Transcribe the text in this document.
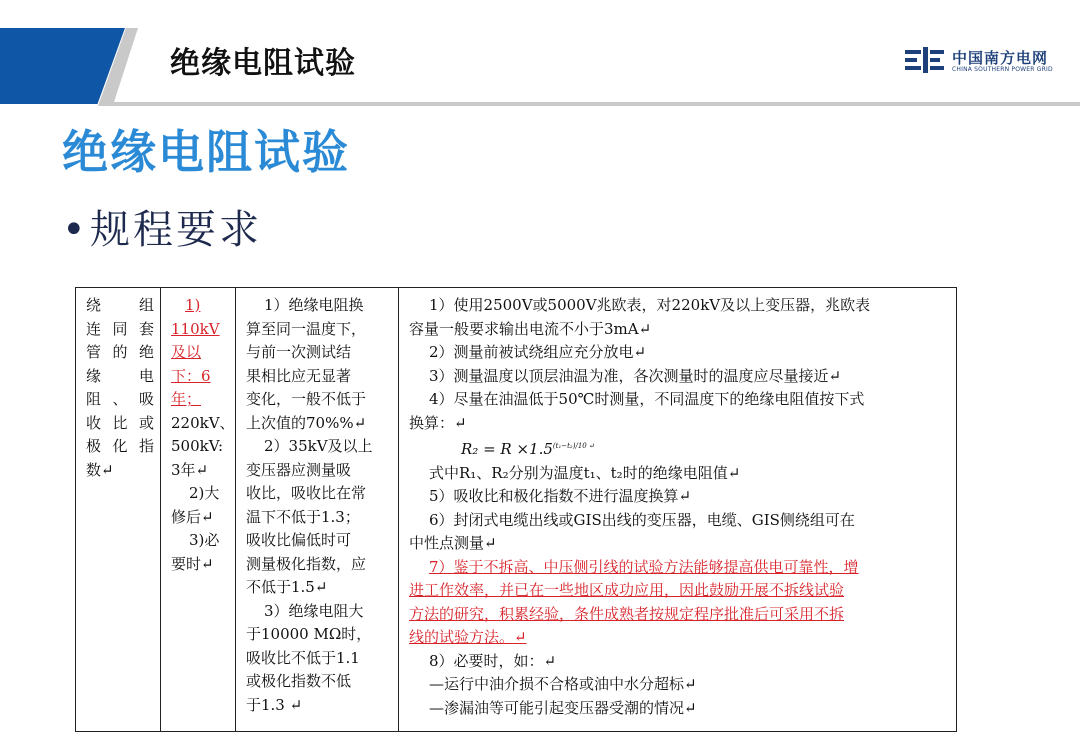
绝缘电阻试验	中国南方电网
CHINA SOUTHERN POWER GRID
绝缘电阻试验
• 规程要求
绕组
连同套
管的绝
缘　电
阻、吸
收比或
极化指
数↵
1)
110kV
及以
下：6
年；
220kV、
500kV:
3年↵
2)大
修后↵
3)必
要时↵
1）绝缘电阻换
算至同一温度下，
与前一次测试结
果相比应无显著
变化，一般不低于
上次值的70%%↵
2）35kV及以上
变压器应测量吸
收比，吸收比在常
温下不低于1.3；
吸收比偏低时可
测量极化指数，应
不低于1.5↵
3）绝缘电阻大
于10000 MΩ时，
吸收比不低于1.1
或极化指数不低
于1.3 ↵
1）使用2500V或5000V兆欧表，对220kV及以上变压器，兆欧表
容量一般要求输出电流不小于3mA↵
2）测量前被试绕组应充分放电↵
3）测量温度以顶层油温为准，各次测量时的温度应尽量接近↵
4）尽量在油温低于50℃时测量，不同温度下的绝缘电阻值按下式
换算：↵
$R_2 = R \times 1.5^{(t_1-t_2)/10 ↵}$
式中R₁、R₂分别为温度t₁、t₂时的绝缘电阻值↵
5）吸收比和极化指数不进行温度换算↵
6）封闭式电缆出线或GIS出线的变压器，电缆、GIS侧绕组可在
中性点测量↵
7）鉴于不拆高、中压侧引线的试验方法能够提高供电可靠性，增
进工作效率，并已在一些地区成功应用，因此鼓励开展不拆线试验
方法的研究，积累经验，条件成熟者按规定程序批准后可采用不拆
线的试验方法。↵
8）必要时，如：↵
—运行中油介损不合格或油中水分超标↵
—渗漏油等可能引起变压器受潮的情况↵
